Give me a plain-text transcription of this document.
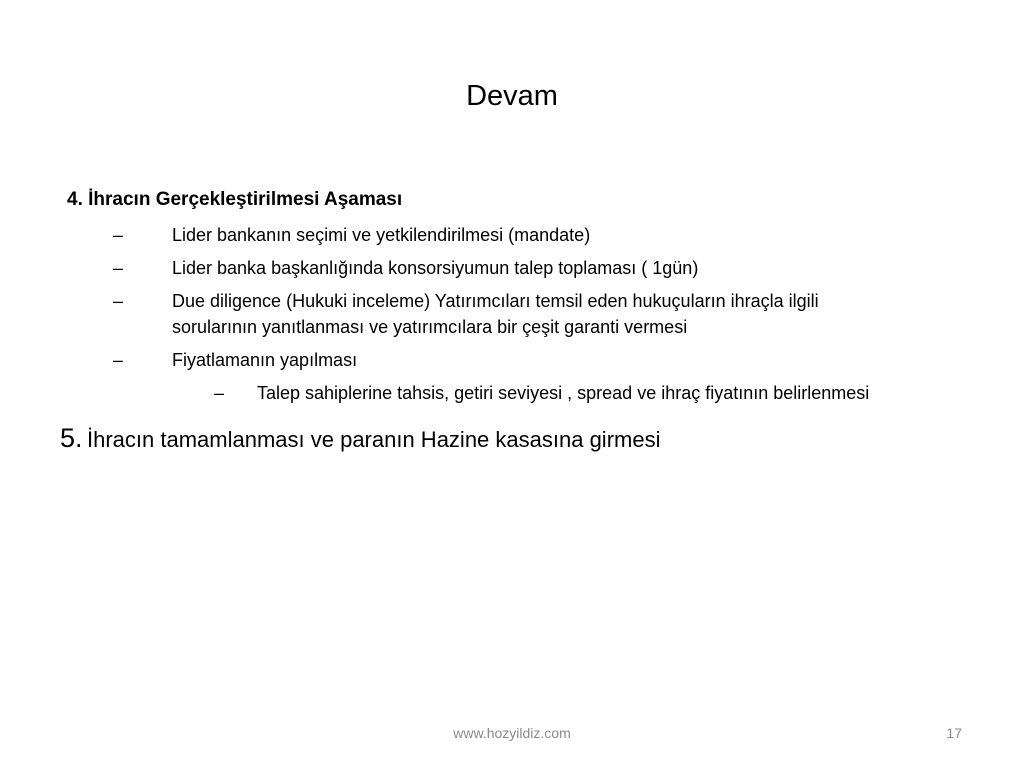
Devam
4. İhracın Gerçekleştirilmesi Aşaması
–	Lider bankanın seçimi ve yetkilendirilmesi (mandate)
–	Lider banka başkanlığında konsorsiyumun talep toplaması ( 1gün)
–	Due diligence (Hukuki inceleme) Yatırımcıları temsil eden hukuçuların ihraçla ilgili
sorularının yanıtlanması ve yatırımcılara bir çeşit garanti vermesi
–	Fiyatlamanın yapılması
– Talep sahiplerine tahsis, getiri seviyesi , spread ve ihraç fiyatının belirlenmesi
5. İhracın tamamlanması ve paranın Hazine kasasına girmesi
www.hozyildiz.com	17
